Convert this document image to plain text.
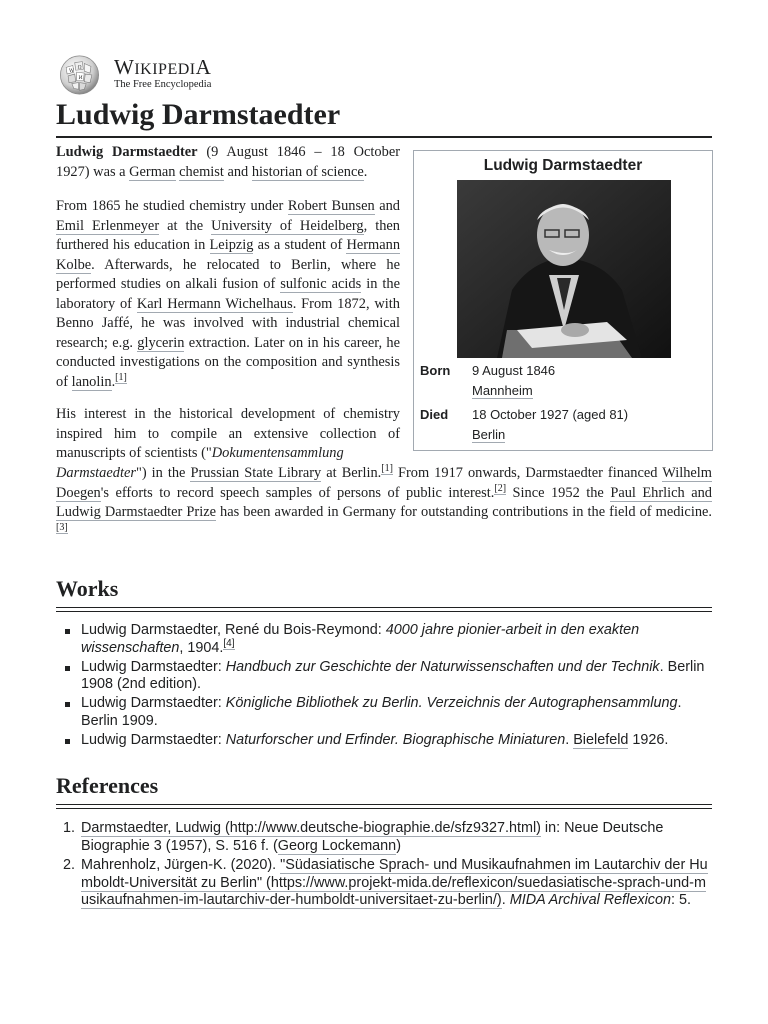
W
Ω
И WIKIPEDIA
The Free Encyclopedia
Ludwig Darmstaedter
Ludwig Darmstaedter
Born 9 August 1846
Mannheim
Died 18 October 1927 (aged 81)
Berlin

Ludwig Darmstaedter (9 August 1846 – 18 October 1927) was a German chemist and historian of science.

From 1865 he studied chemistry under Robert Bunsen and Emil Erlenmeyer at the University of Heidelberg, then furthered his education in Leipzig as a student of Hermann Kolbe. Afterwards, he relocated to Berlin, where he performed studies on alkali fusion of sulfonic acids in the laboratory of Karl Hermann Wichelhaus. From 1872, with Benno Jaffé, he was involved with industrial chemical research; e.g. glycerin extraction. Later on in his career, he conducted investigations on the composition and synthesis of lanolin.[1]

His interest in the historical development of chemistry inspired him to compile an extensive collection of manuscripts of scientists ("Dokumentensammlung

Darmstaedter") in the Prussian State Library at Berlin.[1] From 1917 onwards, Darmstaedter financed Wilhelm Doegen's efforts to record speech samples of persons of public interest.[2] Since 1952 the Paul Ehrlich and Ludwig Darmstaedter Prize has been awarded in Germany for outstanding contributions in the field of medicine.[3]

Works
Ludwig Darmstaedter, René du Bois-Reymond: 4000 jahre pionier-arbeit in den exakten wissenschaften, 1904.[4]
Ludwig Darmstaedter: Handbuch zur Geschichte der Naturwissenschaften und der Technik. Berlin 1908 (2nd edition).
Ludwig Darmstaedter: Königliche Bibliothek zu Berlin. Verzeichnis der Autographensammlung. Berlin 1909.
Ludwig Darmstaedter: Naturforscher und Erfinder. Biographische Miniaturen. Bielefeld 1926.
References
1. Darmstaedter, Ludwig (http://www.deutsche-biographie.de/sfz9327.html) in: Neue Deutsche Biographie 3 (1957), S. 516 f. (Georg Lockemann)
2. Mahrenholz, Jürgen-K. (2020). "Südasiatische Sprach- und Musikaufnahmen im Lautarchiv der Humboldt-Universität zu Berlin" (https://www.projekt-mida.de/reflexicon/suedasiatische-sprach-und-musikaufnahmen-im-lautarchiv-der-humboldt-universitaet-zu-berlin/). MIDA Archival Reflexicon: 5.
